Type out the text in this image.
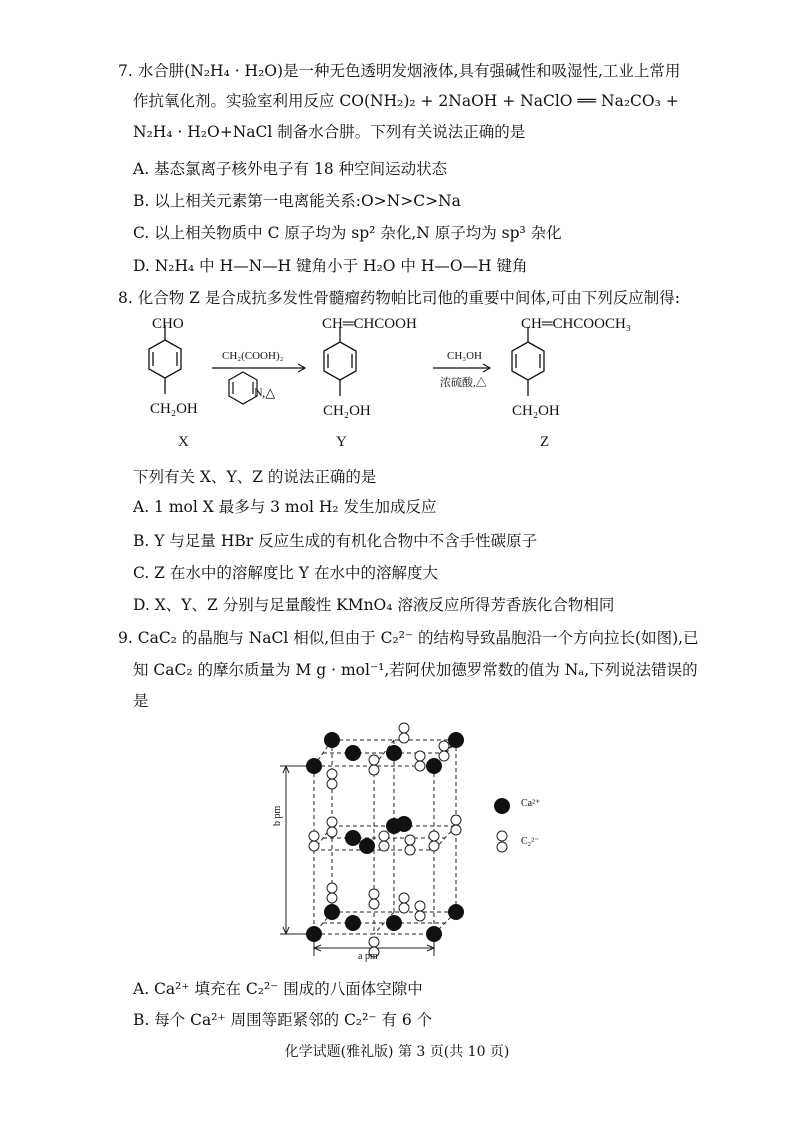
7. 水合肼(N₂H₄ · H₂O)是一种无色透明发烟液体,具有强碱性和吸湿性,工业上常用
作抗氧化剂。实验室利用反应 CO(NH₂)₂ + 2NaOH + NaClO ══ Na₂CO₃ +
N₂H₄ · H₂O+NaCl 制备水合肼。下列有关说法正确的是
A. 基态氯离子核外电子有 18 种空间运动状态
B. 以上相关元素第一电离能关系:O>N>C>Na
C. 以上相关物质中 C 原子均为 sp² 杂化,N 原子均为 sp³ 杂化
D. N₂H₄ 中 H—N—H 键角小于 H₂O 中 H—O—H 键角
8. 化合物 Z 是合成抗多发性骨髓瘤药物帕比司他的重要中间体,可由下列反应制得:
CHO
CH₂OH
X
CH₂(COOH)₂
,△
N
CH═CHCOOH
CH₂OH
Y
CH₃OH
浓硫酸,△
CH═CHCOOCH₃
CH₂OH
Z
下列有关 X、Y、Z 的说法正确的是
A. 1 mol X 最多与 3 mol H₂ 发生加成反应
B. Y 与足量 HBr 反应生成的有机化合物中不含手性碳原子
C. Z 在水中的溶解度比 Y 在水中的溶解度大
D. X、Y、Z 分别与足量酸性 KMnO₄ 溶液反应所得芳香族化合物相同
9. CaC₂ 的晶胞与 NaCl 相似,但由于 C₂²⁻ 的结构导致晶胞沿一个方向拉长(如图),已
知 CaC₂ 的摩尔质量为 M g · mol⁻¹,若阿伏加德罗常数的值为 Nₐ,下列说法错误的
是
Ca²⁺
C₂²⁻
b pm
a pm
A. Ca²⁺ 填充在 C₂²⁻ 围成的八面体空隙中
B. 每个 Ca²⁺ 周围等距紧邻的 C₂²⁻ 有 6 个
化学试题(雅礼版) 第 3 页(共 10 页)
